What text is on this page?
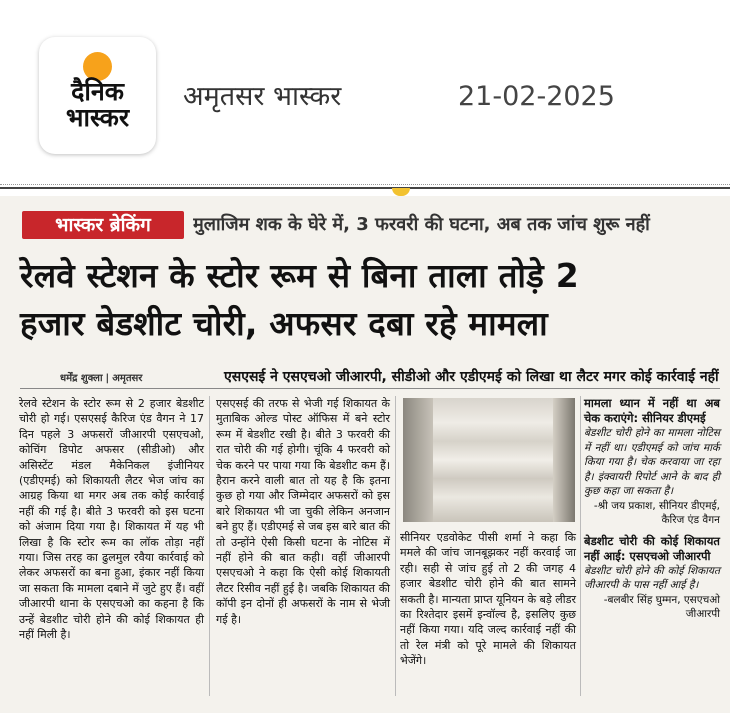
दैनिक
भास्कर
अमृतसर भास्कर	21-02-2025
भास्कर ब्रेकिंग	मुलाजिम शक के घेरे में, 3 फरवरी की घटना, अब तक जांच शुरू नहीं
रेलवे स्टेशन के स्टोर रूम से बिना ताला तोड़े 2
हजार बेडशीट चोरी, अफसर दबा रहे मामला
धर्मेंद्र शुक्ला | अमृतसर	एसएसई ने एसएचओ जीआरपी, सीडीओ और एडीएमई को लिखा था लैटर मगर कोई कार्रवाई नहीं

रेलवे स्टेशन के स्टोर रूम से 2 हजार बेडशीट चोरी हो गई। एसएसई कैरिज एंड वैगन ने 17 दिन पहले 3 अफसरों जीआरपी एसएचओ, कोचिंग डिपोट अफसर (सीडीओ) और असिस्टेंट मंडल मैकेनिकल इंजीनियर (एडीएमई) को शिकायती लैटर भेज जांच का आग्रह किया था मगर अब तक कोई कार्रवाई नहीं की गई है। बीते 3 फरवरी को इस घटना को अंजाम दिया गया है। शिकायत में यह भी लिखा है कि स्टोर रूम का लॉक तोड़ा नहीं गया। जिस तरह का ढुलमुल रवैया कार्रवाई को लेकर अफसरों का बना हुआ, इंकार नहीं किया जा सकता कि मामला दबाने में जुटे हुए हैं। वहीं जीआरपी थाना के एसएचओ का कहना है कि उन्हें बेडशीट चोरी होने की कोई शिकायत ही नहीं मिली है।

एसएसई की तरफ से भेजी गई शिकायत के मुताबिक ओल्ड पोस्ट ऑफिस में बने स्टोर रूम में बेडशीट रखी है। बीते 3 फरवरी की रात चोरी की गई होगी। चूंकि 4 फरवरी को चेक करने पर पाया गया कि बेडशीट कम हैं। हैरान करने वाली बात तो यह है कि इतना कुछ हो गया और जिम्मेदार अफसरों को इस बारे शिकायत भी जा चुकी लेकिन अनजान बने हुए हैं। एडीएमई से जब इस बारे बात की तो उन्होंने ऐसी किसी घटना के नोटिस में नहीं होने की बात कही। वहीं जीआरपी एसएचओ ने कहा कि ऐसी कोई शिकायती लैटर रिसीव नहीं हुई है। जबकि शिकायत की कॉपी इन दोनों ही अफसरों के नाम से भेजी गई है।

सीनियर एडवोकेट पीसी शर्मा ने कहा कि ममले की जांच जानबूझकर नहीं करवाई जा रही। सही से जांच हुई तो 2 की जगह 4 हजार बेडशीट चोरी होने की बात सामने सकती है। मान्यता प्राप्त यूनियन के बड़े लीडर का रिश्तेदार इसमें इन्वॉल्व है, इसलिए कुछ नहीं किया गया। यदि जल्द कार्रवाई नहीं की तो रेल मंत्री को पूरे मामले की शिकायत भेजेंगे।

मामला ध्यान में नहीं था अब चेक कराएंगे: सीनियर डीएमई

बेडशीट चोरी होने का मामला नोटिस में नहीं था। एडीएमई को जांच मार्क किया गया है। चेक करवाया जा रहा है। इंक्वायरी रिपोर्ट आने के बाद ही कुछ कहा जा सकता है।

-श्री जय प्रकाश, सीनियर डीएमई, कैरिज एंड वैगन

बेडशीट चोरी की कोई शिकायत नहीं आई: एसएचओ जीआरपी

बेडशीट चोरी होने की कोई शिकायत जीआरपी के पास नहीं आई है।

-बलबीर सिंह घुम्मन, एसएचओ जीआरपी
